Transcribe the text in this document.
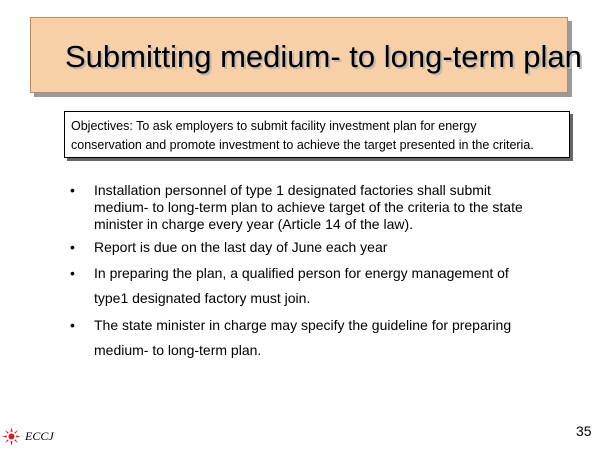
Submitting medium- to long-term plan
Objectives: To ask employers to submit facility investment plan for energy
conservation and promote investment to achieve the target presented in the criteria.
• Installation personnel of type 1 designated factories shall submit
medium- to long-term plan to achieve target of the criteria to the state
minister in charge every year (Article 14 of the law).
• Report is due on the last day of June each year
• In preparing the plan, a qualified person for energy management of
type1 designated factory must join.
• The state minister in charge may specify the guideline for preparing
medium- to long-term plan.
ECCJ	35
